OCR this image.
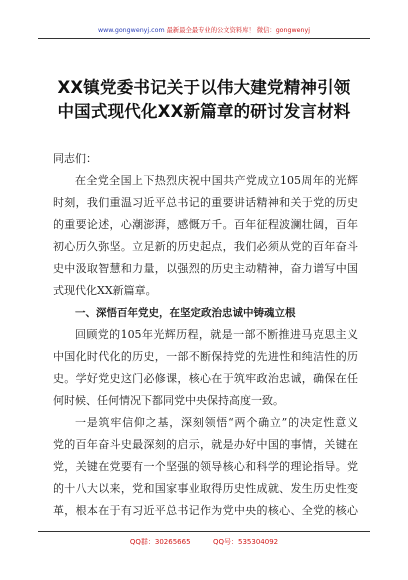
www.gongwenyj.com 最新最全最专业的公文资料库！ 微信：gongwenyj
XX镇党委书记关于以伟大建党精神引领
中国式现代化XX新篇章的研讨发言材料
同志们：
在全党全国上下热烈庆祝中国共产党成立105周年的光辉
时刻，我们重温习近平总书记的重要讲话精神和关于党的历史
的重要论述，心潮澎湃，感慨万千。百年征程波澜壮阔，百年
初心历久弥坚。立足新的历史起点，我们必须从党的百年奋斗
史中汲取智慧和力量，以强烈的历史主动精神，奋力谱写中国
式现代化XX新篇章。
一、深悟百年党史，在坚定政治忠诚中铸魂立根
回顾党的105年光辉历程，就是一部不断推进马克思主义
中国化时代化的历史，一部不断保持党的先进性和纯洁性的历
史。学好党史这门必修课，核心在于筑牢政治忠诚，确保在任
何时候、任何情况下都同党中央保持高度一致。
一是筑牢信仰之基，深刻领悟“两个确立”的决定性意义
党的百年奋斗史最深刻的启示，就是办好中国的事情，关键在
党，关键在党要有一个坚强的领导核心和科学的理论指导。党
的十八大以来，党和国家事业取得历史性成就、发生历史性变
革，根本在于有习近平总书记作为党中央的核心、全党的核心
QQ群：30265665	QQ号：535304092
